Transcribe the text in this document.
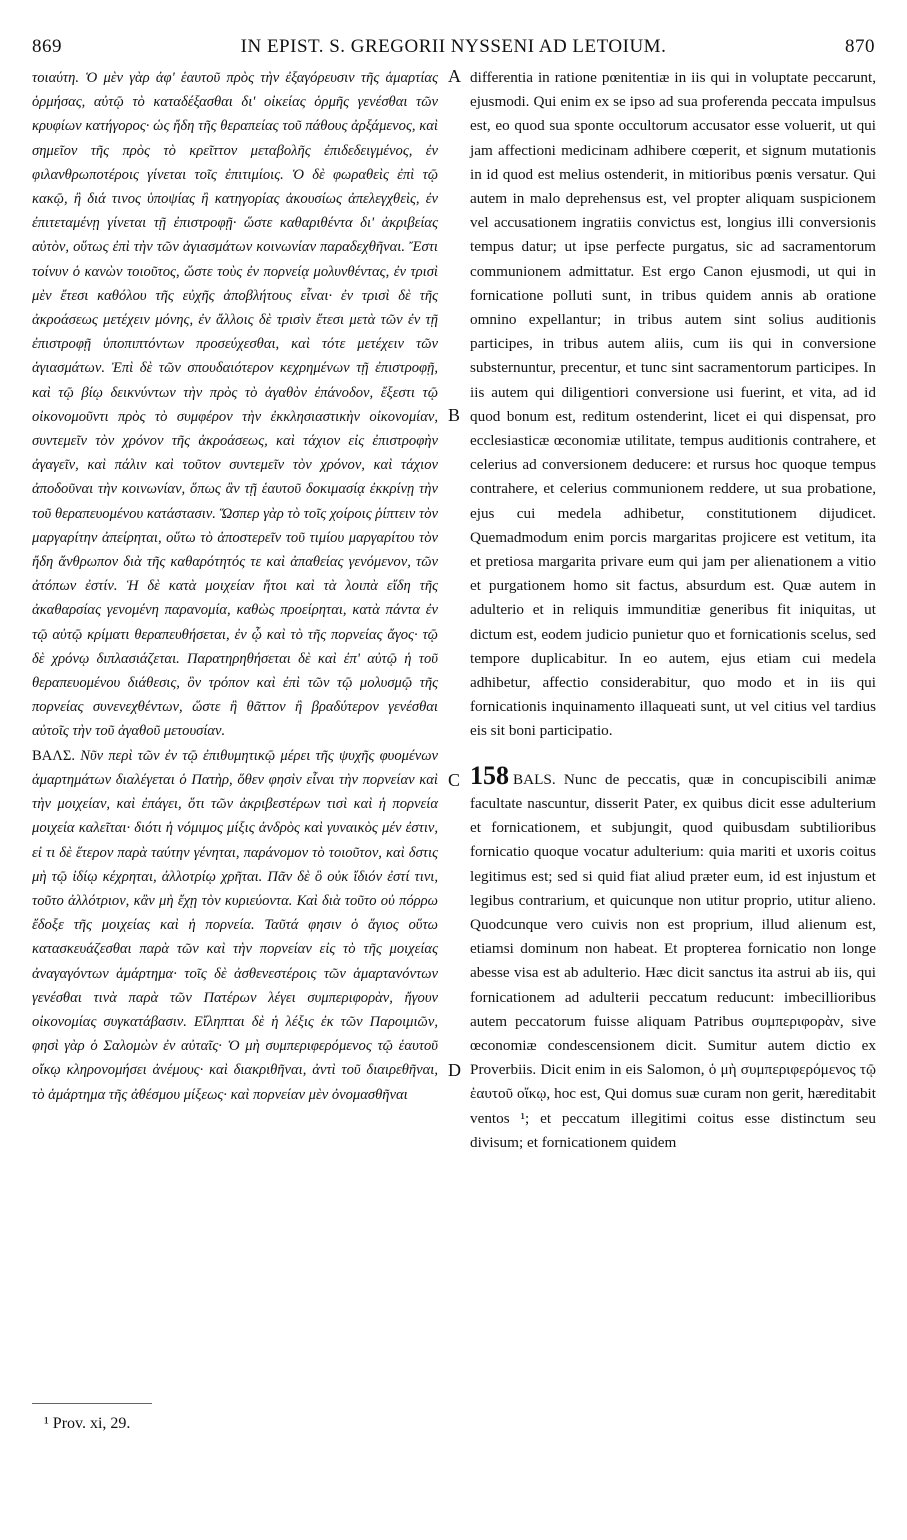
869	IN EPIST. S. GREGORII NYSSENI AD LETOIUM.	870

τοιαύτη. Ὁ μὲν γὰρ ἀφ' ἑαυτοῦ πρὸς τὴν ἐξαγόρευσιν τῆς ἁμαρτίας ὁρμήσας, αὐτῷ τὸ καταδέξασθαι δι' οἰκείας ὁρμῆς γενέσθαι τῶν κρυφίων κατήγορος· ὡς ἤδη τῆς θεραπείας τοῦ πάθους ἀρξάμενος, καὶ σημεῖον τῆς πρὸς τὸ κρεῖττον μεταβολῆς ἐπιδεδειγμένος, ἐν φιλανθρωποτέροις γίνεται τοῖς ἐπιτιμίοις. Ὁ δὲ φωραθεὶς ἐπὶ τῷ κακῷ, ἢ διά τινος ὑποψίας ἢ κατηγορίας ἀκουσίως ἀπελεγχθεὶς, ἐν ἐπιτεταμένῃ γίνεται τῇ ἐπιστροφῇ· ὥστε καθαριθέντα δι' ἀκριβείας αὐτὸν, οὕτως ἐπὶ τὴν τῶν ἁγιασμάτων κοινωνίαν παραδεχθῆναι. Ἔστι τοίνυν ὁ κανὼν τοιοῦτος, ὥστε τοὺς ἐν πορνείᾳ μολυνθέντας, ἐν τρισὶ μὲν ἔτεσι καθόλου τῆς εὐχῆς ἀποβλήτους εἶναι· ἐν τρισὶ δὲ τῆς ἀκροάσεως μετέχειν μόνης, ἐν ἄλλοις δὲ τρισὶν ἔτεσι μετὰ τῶν ἐν τῇ ἐπιστροφῇ ὑποπιπτόντων προσεύχεσθαι, καὶ τότε μετέχειν τῶν ἁγιασμάτων. Ἐπὶ δὲ τῶν σπουδαιότερον κεχρημένων τῇ ἐπιστροφῇ, καὶ τῷ βίῳ δεικνύντων τὴν πρὸς τὸ ἀγαθὸν ἐπάνοδον, ἔξεστι τῷ οἰκονομοῦντι πρὸς τὸ συμφέρον τὴν ἐκκλησιαστικὴν οἰκονομίαν, συντεμεῖν τὸν χρόνον τῆς ἀκροάσεως, καὶ τάχιον εἰς ἐπιστροφὴν ἀγαγεῖν, καὶ πάλιν καὶ τοῦτον συντεμεῖν τὸν χρόνον, καὶ τάχιον ἀποδοῦναι τὴν κοινωνίαν, ὅπως ἂν τῇ ἑαυτοῦ δοκιμασίᾳ ἐκκρίνῃ τὴν τοῦ θεραπευομένου κατάστασιν. Ὥσπερ γὰρ τὸ τοῖς χοίροις ῥίπτειν τὸν μαργαρίτην ἀπείρηται, οὕτω τὸ ἀποστερεῖν τοῦ τιμίου μαργαρίτου τὸν ἤδη ἄνθρωπον διὰ τῆς καθαρότητός τε καὶ ἀπαθείας γενόμενον, τῶν ἀτόπων ἐστίν. Ἡ δὲ κατὰ μοιχείαν ἤτοι καὶ τὰ λοιπὰ εἴδη τῆς ἀκαθαρσίας γενομένη παρανομία, καθὼς προείρηται, κατὰ πάντα ἐν τῷ αὐτῷ κρίματι θεραπευθήσεται, ἐν ᾧ καὶ τὸ τῆς πορνείας ἄγος· τῷ δὲ χρόνῳ διπλασιάζεται. Παρατηρηθήσεται δὲ καὶ ἐπ' αὐτῷ ἡ τοῦ θεραπευομένου διάθεσις, ὃν τρόπον καὶ ἐπὶ τῶν τῷ μολυσμῷ τῆς πορνείας συνενεχθέντων, ὥστε ἢ θᾶττον ἢ βραδύτερον γενέσθαι αὐτοῖς τὴν τοῦ ἀγαθοῦ μετουσίαν.

ΒΑΛΣ. Νῦν περὶ τῶν ἐν τῷ ἐπιθυμητικῷ μέρει τῆς ψυχῆς φυομένων ἁμαρτημάτων διαλέγεται ὁ Πατὴρ, ὅθεν φησὶν εἶναι τὴν πορνείαν καὶ τὴν μοιχείαν, καὶ ἐπάγει, ὅτι τῶν ἀκριβεστέρων τισὶ καὶ ἡ πορνεία μοιχεία καλεῖται· διότι ἡ νόμιμος μίξις ἀνδρὸς καὶ γυναικὸς μέν ἐστιν, εἰ τι δὲ ἕτερον παρὰ ταύτην γένηται, παράνομον τὸ τοιοῦτον, καὶ δστις μὴ τῷ ἰδίῳ κέχρηται, ἀλλοτρίῳ χρῆται. Πᾶν δὲ ὃ οὐκ ἴδιόν ἐστί τινι, τοῦτο ἀλλότριον, κἂν μὴ ἔχῃ τὸν κυριεύοντα. Καὶ διὰ τοῦτο οὐ πόρρω ἔδοξε τῆς μοιχείας καὶ ἡ πορνεία. Ταῦτά φησιν ὁ ἅγιος οὕτω κατασκευάζεσθαι παρὰ τῶν καὶ τὴν πορνείαν εἰς τὸ τῆς μοιχείας ἀναγαγόντων ἁμάρτημα· τοῖς δὲ ἀσθενεστέροις τῶν ἁμαρτανόντων γενέσθαι τινὰ παρὰ τῶν Πατέρων λέγει συμπεριφορὰν, ἤγουν οἰκονομίας συγκατάβασιν. Εἴληπται δὲ ἡ λέξις ἐκ τῶν Παροιμιῶν, φησὶ γὰρ ὁ Σαλομὼν ἐν αὐταῖς· Ὁ μὴ συμπεριφερόμενος τῷ ἑαυτοῦ οἴκῳ κληρονομήσει ἀνέμους· καὶ διακριθῆναι, ἀντὶ τοῦ διαιρεθῆναι, τὸ ἁμάρτημα τῆς ἀθέσμου μίξεως· καὶ πορνείαν μὲν ὀνομασθῆναι

A
B
C
D

differentia in ratione pœnitentiæ in iis qui in voluptate peccarunt, ejusmodi. Qui enim ex se ipso ad sua proferenda peccata impulsus est, eo quod sua sponte occultorum accusator esse voluerit, ut qui jam affectioni medicinam adhibere cœperit, et signum mutationis in id quod est melius ostenderit, in mitioribus pœnis versatur. Qui autem in malo deprehensus est, vel propter aliquam suspicionem vel accusationem ingratiis convictus est, longius illi conversionis tempus datur; ut ipse perfecte purgatus, sic ad sacramentorum communionem admittatur. Est ergo Canon ejusmodi, ut qui in fornicatione polluti sunt, in tribus quidem annis ab oratione omnino expellantur; in tribus autem sint solius auditionis participes, in tribus autem aliis, cum iis qui in conversione substernuntur, precentur, et tunc sint sacramentorum participes. In iis autem qui diligentiori conversione usi fuerint, et vita, ad id quod bonum est, reditum ostenderint, licet ei qui dispensat, pro ecclesiasticæ œconomiæ utilitate, tempus auditionis contrahere, et celerius ad conversionem deducere: et rursus hoc quoque tempus contrahere, et celerius communionem reddere, ut sua probatione, ejus cui medela adhibetur, constitutionem dijudicet. Quemadmodum enim porcis margaritas projicere est vetitum, ita et pretiosa margarita privare eum qui jam per alienationem a vitio et purgationem homo sit factus, absurdum est. Quæ autem in adulterio et in reliquis immunditiæ generibus fit iniquitas, ut dictum est, eodem judicio punietur quo et fornicationis scelus, sed tempore duplicabitur. In eo autem, ejus etiam cui medela adhibetur, affectio considerabitur, quo modo et in iis qui fornicationis inquinamento illaqueati sunt, ut vel citius vel tardius eis sit boni participatio.

158 BALS. Nunc de peccatis, quæ in concupiscibili animæ facultate nascuntur, disserit Pater, ex quibus dicit esse adulterium et fornicationem, et subjungit, quod quibusdam subtilioribus fornicatio quoque vocatur adulterium: quia mariti et uxoris coitus legitimus est; sed si quid fiat aliud præter eum, id est injustum et legibus contrarium, et quicunque non utitur proprio, utitur alieno. Quodcunque vero cuivis non est proprium, illud alienum est, etiamsi dominum non habeat. Et propterea fornicatio non longe abesse visa est ab adulterio. Hæc dicit sanctus ita astrui ab iis, qui fornicationem ad adulterii peccatum reducunt: imbecillioribus autem peccatorum fuisse aliquam Patribus συμπεριφορὰν, sive œconomiæ condescensionem dicit. Sumitur autem dictio ex Proverbiis. Dicit enim in eis Salomon, ὁ μὴ συμπεριφερόμενος τῷ ἑαυτοῦ οἴκῳ, hoc est, Qui domus suæ curam non gerit, hæreditabit ventos ¹; et peccatum illegitimi coitus esse distinctum seu divisum; et fornicationem quidem

¹ Prov. xi, 29.
